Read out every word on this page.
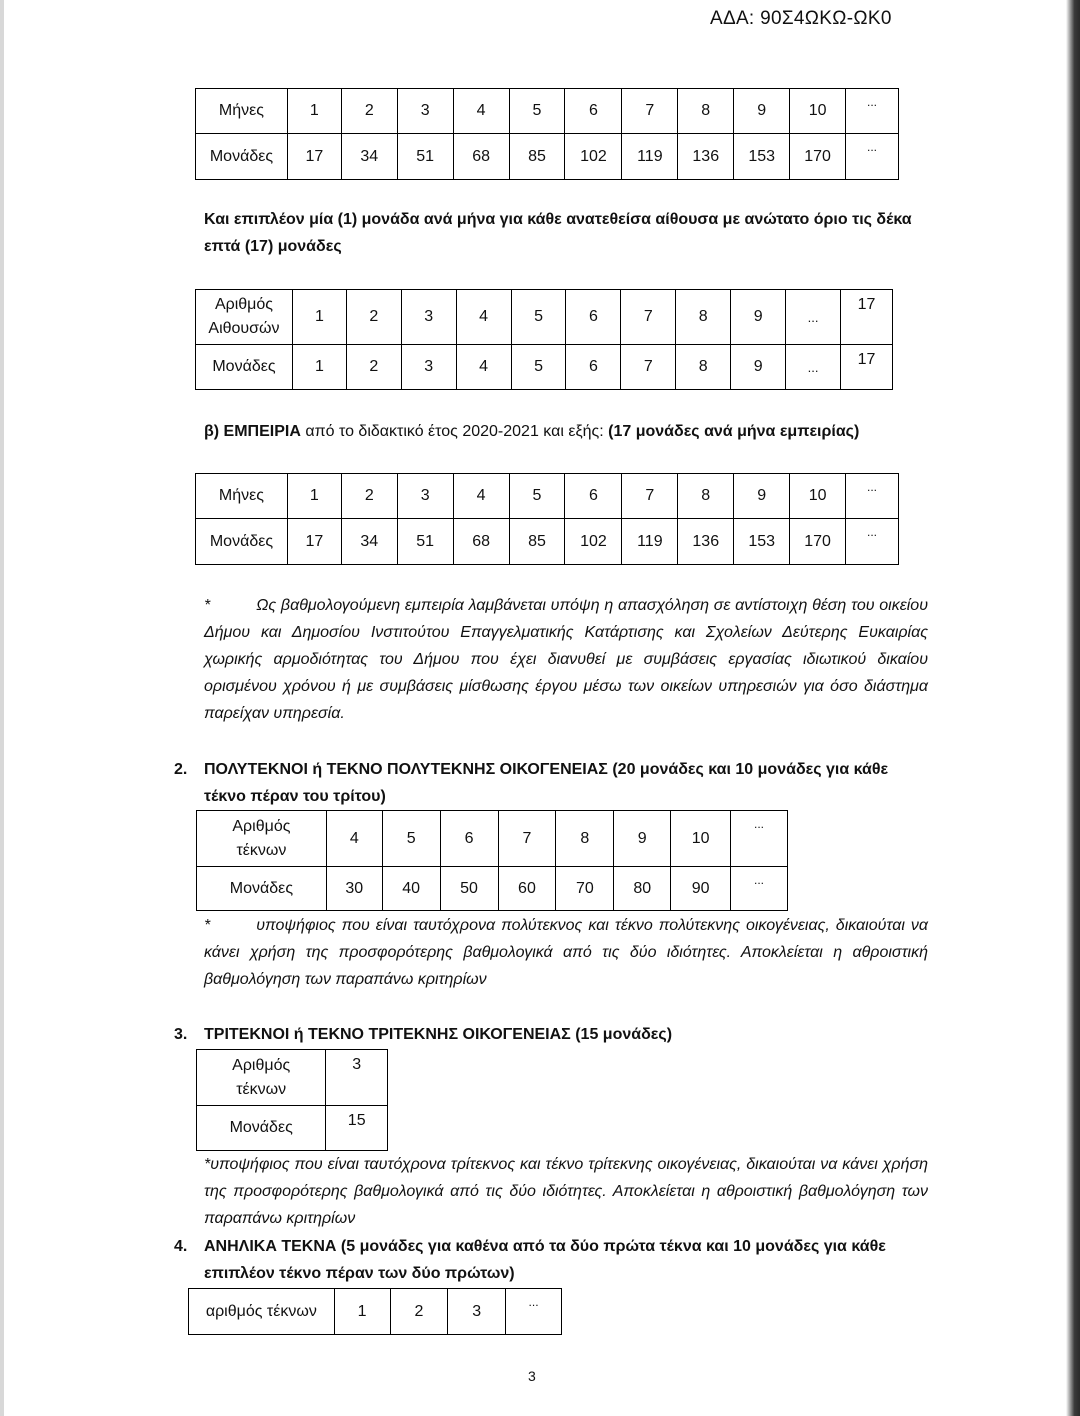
ΑΔΑ: 90Σ4ΩΚΩ-ΩΚ0
Μήνες	1	2	3	4	5	6	7	8	9	10	...
Μονάδες	17	34	51	68	85	102	119	136	153	170	...
Και επιπλέον μία (1) μονάδα ανά μήνα για κάθε ανατεθείσα αίθουσα με ανώτατο όριο τις δέκα επτά (17) μονάδες
Αριθμός
Αιθουσών	1	2	3	4	5	6	7	8	9	...	17
Μονάδες	1	2	3	4	5	6	7	8	9	...	17
β) ΕΜΠΕΙΡΙΑ από το διδακτικό έτος 2020-2021 και εξής: (17 μονάδες ανά μήνα εμπειρίας)
Μήνες	1	2	3	4	5	6	7	8	9	10	...
Μονάδες	17	34	51	68	85	102	119	136	153	170	...
*	Ως βαθμολογούμενη εμπειρία λαμβάνεται υπόψη η απασχόληση σε αντίστοιχη θέση του οικείου Δήμου και Δημοσίου Ινστιτούτου Επαγγελματικής Κατάρτισης και Σχολείων Δεύτερης Ευκαιρίας χωρικής αρμοδιότητας του Δήμου που έχει διανυθεί με συμβάσεις εργασίας ιδιωτικού δικαίου ορισμένου χρόνου ή με συμβάσεις μίσθωσης έργου μέσω των οικείων υπηρεσιών για όσο διάστημα παρείχαν υπηρεσία.
2. ΠΟΛΥΤΕΚΝΟΙ ή ΤΕΚΝΟ ΠΟΛΥΤΕΚΝΗΣ ΟΙΚΟΓΕΝΕΙΑΣ (20 μονάδες και 10 μονάδες για κάθε τέκνο πέραν του τρίτου)
Αριθμός
τέκνων	4	5	6	7	8	9	10	...
Μονάδες	30	40	50	60	70	80	90	...
*	υποψήφιος που είναι ταυτόχρονα πολύτεκνος και τέκνο πολύτεκνης οικογένειας, δικαιούται να κάνει χρήση της προσφορότερης βαθμολογικά από τις δύο ιδιότητες. Αποκλείεται η αθροιστική βαθμολόγηση των παραπάνω κριτηρίων
3. ΤΡΙΤΕΚΝΟΙ ή ΤΕΚΝΟ ΤΡΙΤΕΚΝΗΣ ΟΙΚΟΓΕΝΕΙΑΣ (15 μονάδες)
Αριθμός
τέκνων	3
Μονάδες	15
*υποψήφιος που είναι ταυτόχρονα τρίτεκνος και τέκνο τρίτεκνης οικογένειας, δικαιούται να κάνει χρήση της προσφορότερης βαθμολογικά από τις δύο ιδιότητες. Αποκλείεται η αθροιστική βαθμολόγηση των παραπάνω κριτηρίων
4. ΑΝΗΛΙΚΑ ΤΕΚΝΑ (5 μονάδες για καθένα από τα δύο πρώτα τέκνα και 10 μονάδες για κάθε επιπλέον τέκνο πέραν των δύο πρώτων)
αριθμός τέκνων	1	2	3	...
3
